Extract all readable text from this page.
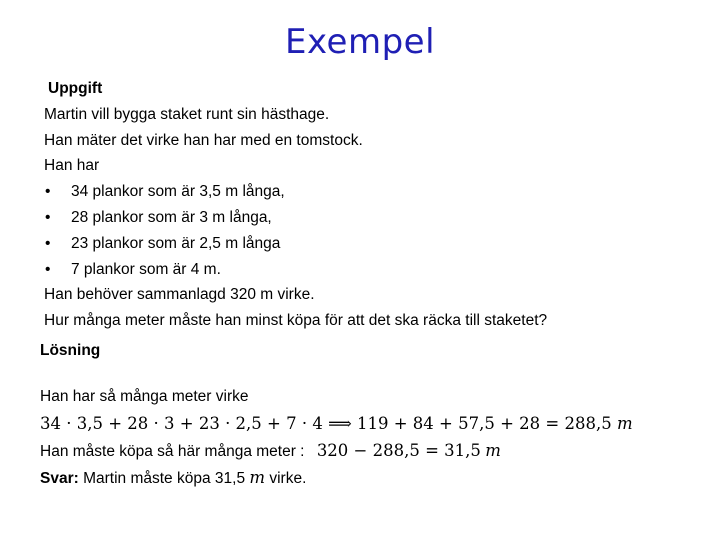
Exempel
Uppgift
Martin vill bygga staket runt sin hästhage.
Han mäter det virke han har med en tomstock.
Han har
•	34 plankor som är 3,5 m långa,
•	28 plankor som är 3 m långa,
•	23 plankor som är 2,5 m långa
•	7 plankor som är 4 m.
Han behöver sammanlagd 320 m virke.
Hur många meter måste han minst köpa för att det ska räcka till staketet?
Lösning
Han har så många meter virke
34 · 3,5 + 28 · 3 + 23 · 2,5 + 7 · 4 ⟹ 119 + 84 + 57,5 + 28 = 288,5 m
Han måste köpa så här många meter : 320 − 288,5 = 31,5 m
Svar: Martin måste köpa 31,5 m virke.
